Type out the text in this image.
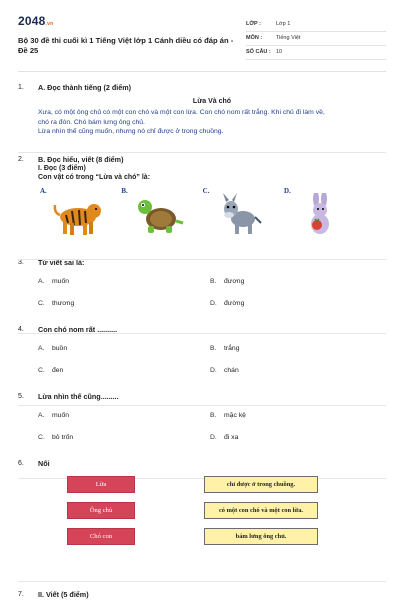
2048.vn
Bộ 30 đề thi cuối kì 1 Tiếng Việt lớp 1 Cánh diều có đáp án - Đề 25
LỚP :	Lớp 1
MÔN :	Tiếng Việt
SỐ CÂU : 10
1.	A. Đọc thành tiếng (2 điểm)
Lừa Và chó

Xưa, có một ông chủ có một con chó và một con lừa. Con chó nom rất trắng. Khi chủ đi làm về,

chó ra đón. Chó bám lưng ông chủ.

Lừa nhìn thế cũng muốn, nhưng nó chỉ được ở trong chuồng.

2.	B. Đọc hiểu, viết (8 điểm)
I. Đọc (3 điểm)
Con vật có trong “Lừa và chó” là:
A.	B.	C.	D.
3.	Từ viết sai là:
A.	muốn	B.	đương
C.	thương	D.	đường
4.	Con chó nom rất ..........
A.	buồn	B.	trắng
C.	đen	D.	chán
5.	Lừa nhìn thế cũng.........
A.	muốn	B.	mặc kệ
C.	bỏ trốn	D.	đi xa
6.	Nối
Lừa
Ông chủ
Chó con
chỉ được ở trong chuồng.
có một con chó và một con lừa.
bám lưng ông chủ.
7.	II. Viết (5 điểm)
